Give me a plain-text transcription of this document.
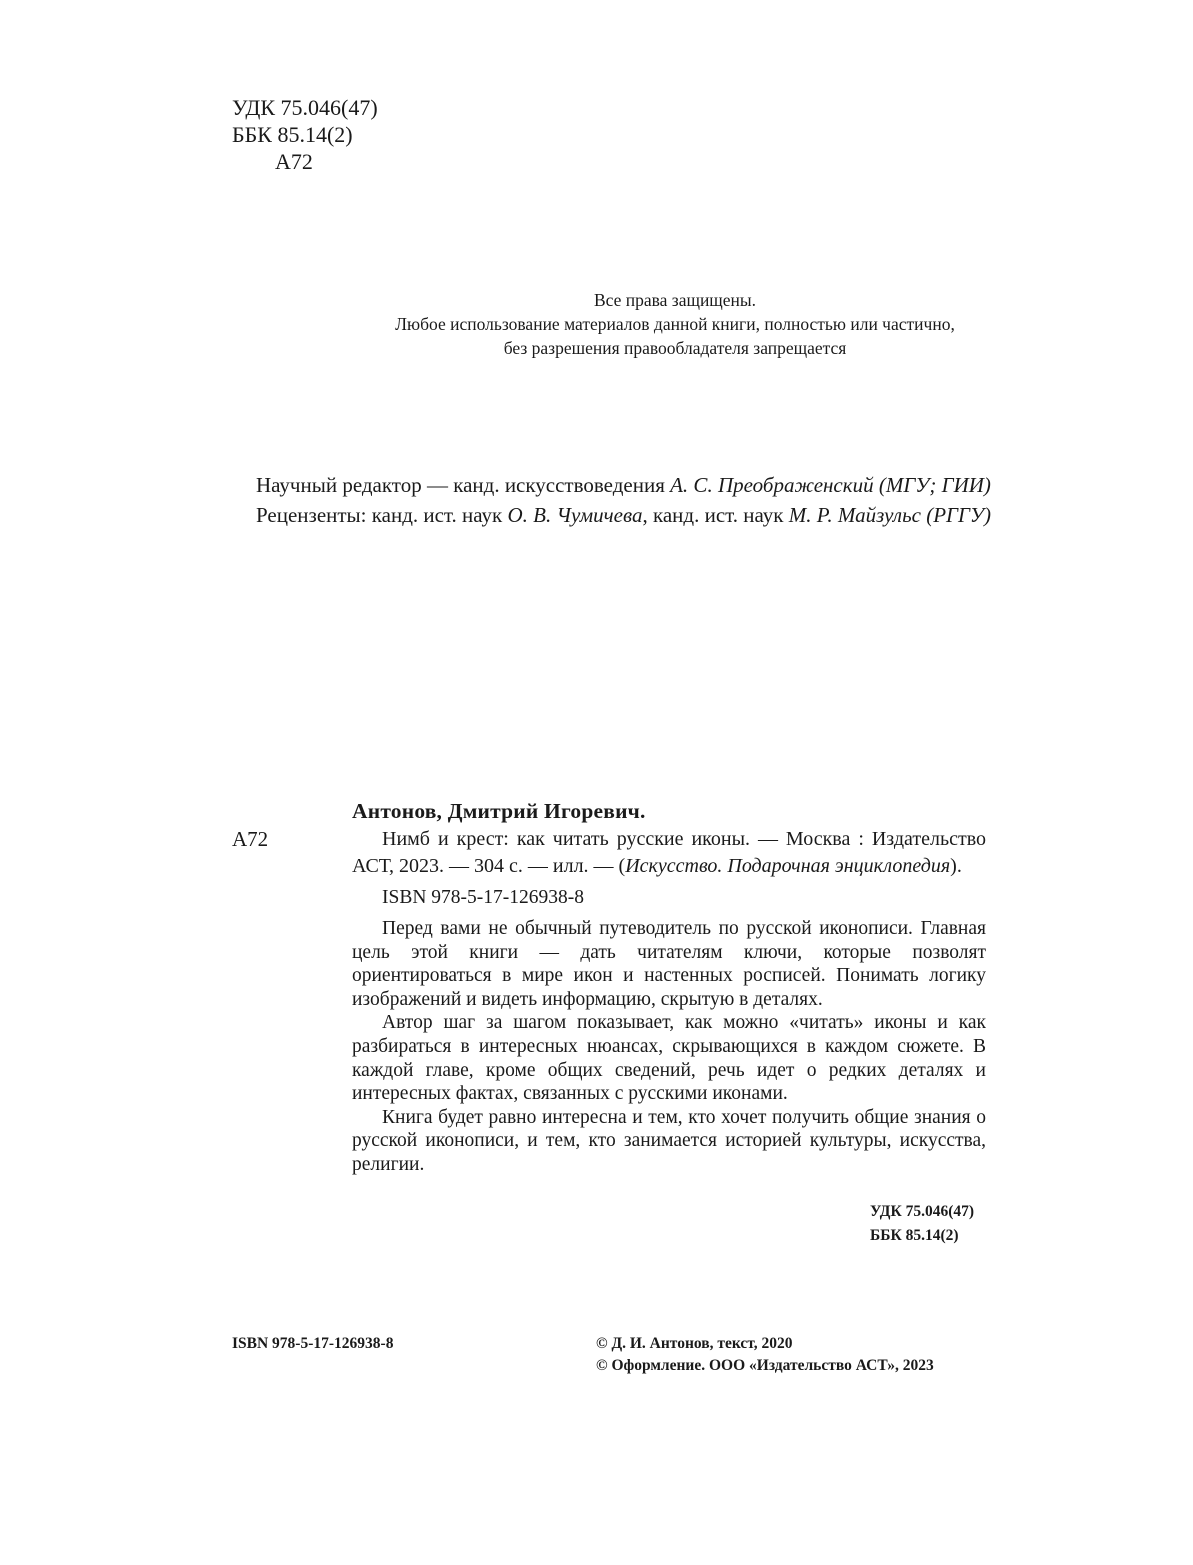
УДК 75.046(47)
ББК 85.14(2)
А72
Все права защищены.
Любое использование материалов данной книги, полностью или частично,
без разрешения правообладателя запрещается
Научный редактор — канд. искусствоведения А. С. Преображенский (МГУ; ГИИ)
Рецензенты: канд. ист. наук О. В. Чумичева, канд. ист. наук М. Р. Майзульс (РГГУ)
А72
Антонов, Дмитрий Игоревич.
Нимб и крест: как читать русские иконы. — Москва : Издательство АСТ, 2023. — 304 с. — илл. — (Искусство. Подарочная энциклопедия).
ISBN 978-5-17-126938-8
Перед вами не обычный путеводитель по русской иконописи. Главная цель этой книги — дать читателям ключи, которые позволят ориентироваться в мире икон и настенных росписей. Понимать логику изображений и видеть информацию, скрытую в деталях.
Автор шаг за шагом показывает, как можно «читать» иконы и как разбираться в интересных нюансах, скрывающихся в каждом сюжете. В каждой главе, кроме общих сведений, речь идет о редких деталях и интересных фактах, связанных с русскими иконами.
Книга будет равно интересна и тем, кто хочет получить общие знания о русской иконописи, и тем, кто занимается историей культуры, искусства, религии.
УДК 75.046(47)
ББК 85.14(2)
ISBN 978-5-17-126938-8	© Д. И. Антонов, текст, 2020
© Оформление. ООО «Издательство АСТ», 2023
